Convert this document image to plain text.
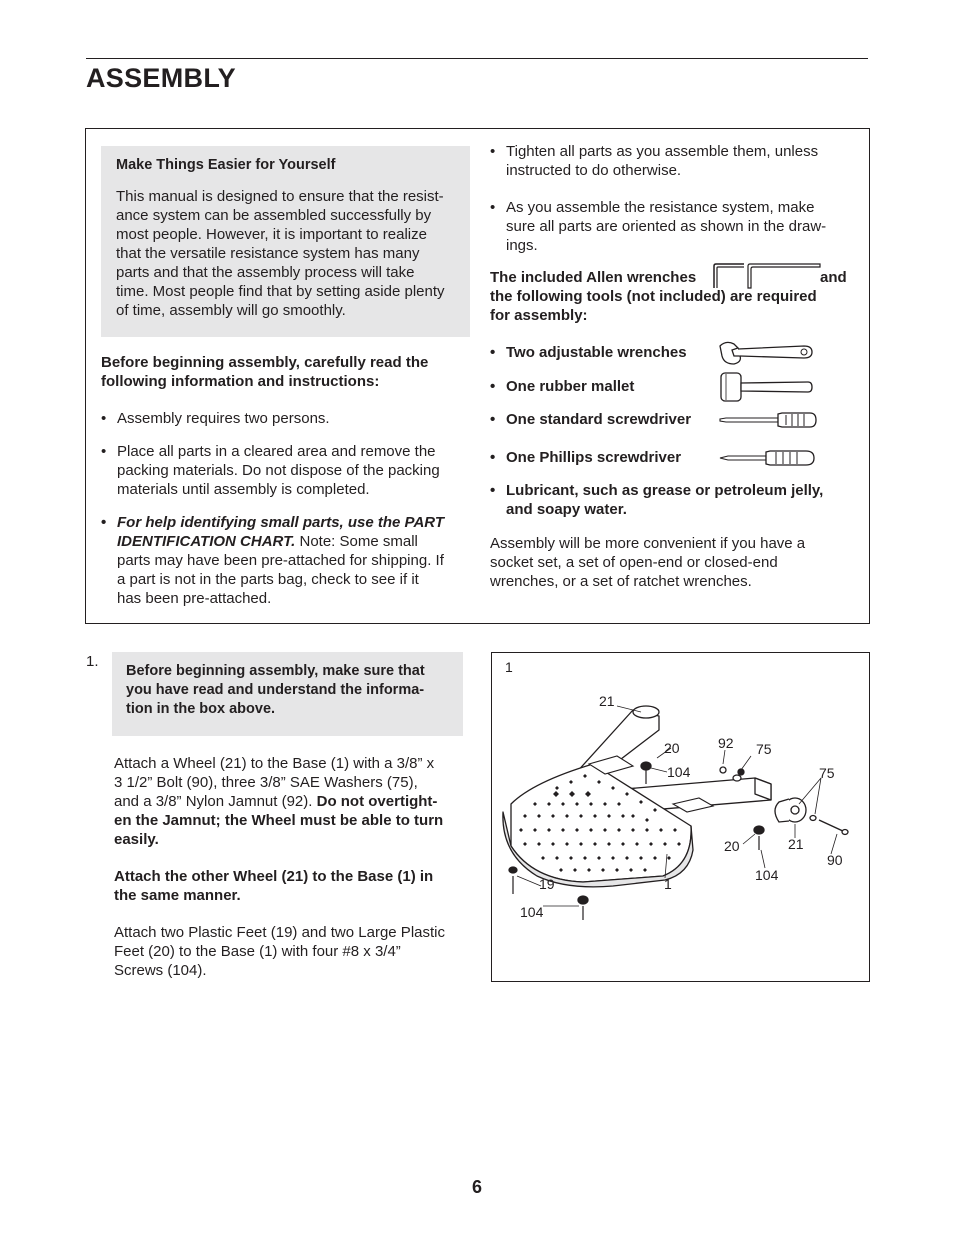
ASSEMBLY
Make Things Easier for Yourself

This manual is designed to ensure that the resist-

ance system can be assembled successfully by

most people. However, it is important to realize

that the versatile resistance system has many

parts and that the assembly process will take

time. Most people find that by setting aside plenty

of time, assembly will go smoothly.

Before beginning assembly, carefully read the

following information and instructions:

• Assembly requires two persons.

• Place all parts in a cleared area and remove the

packing materials. Do not dispose of the packing

materials until assembly is completed.

• For help identifying small parts, use the PART

IDENTIFICATION CHART. Note: Some small

parts may have been pre-attached for shipping. If

a part is not in the parts bag, check to see if it

has been pre-attached.

• Tighten all parts as you assemble them, unless

instructed to do otherwise.

• As you assemble the resistance system, make

sure all parts are oriented as shown in the draw-

ings.

The included Allen wrenches	and

the following tools (not included) are required

for assembly:

• Two adjustable wrenches

• One rubber mallet

• One standard screwdriver

• One Phillips screwdriver

• Lubricant, such as grease or petroleum jelly,

and soapy water.

Assembly will be more convenient if you have a

socket set, a set of open-end or closed-end

wrenches, or a set of ratchet wrenches.

1.

Before beginning assembly, make sure that

you have read and understand the informa-

tion in the box above.

Attach a Wheel (21) to the Base (1) with a 3/8” x

3 1/2” Bolt (90), three 3/8” SAE Washers (75),

and a 3/8” Nylon Jamnut (92). Do not overtight-

en the Jamnut; the Wheel must be able to turn

easily.

Attach the other Wheel (21) to the Base (1) in

the same manner.

Attach two Plastic Feet (19) and two Large Plastic

Feet (20) to the Base (1) with four #8 x 3/4”

Screws (104).

1
21
20
104
92 75
75
20	21
90
104
19	1
104
6
